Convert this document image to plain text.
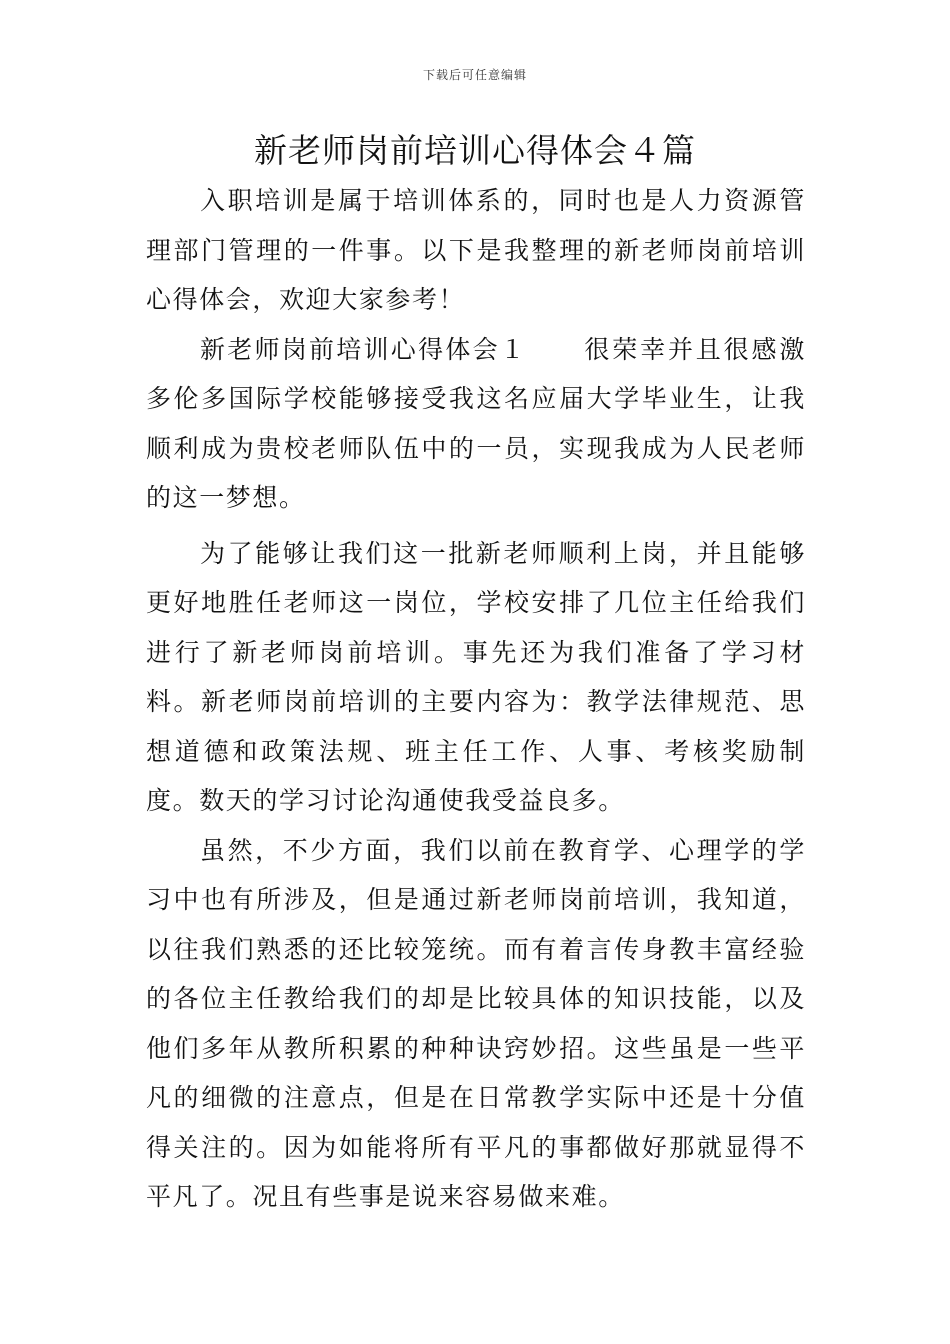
下载后可任意编辑
新老师岗前培训心得体会４篇

入职培训是属于培训体系的，同时也是人力资源管理部门管理的一件事。以下是我整理的新老师岗前培训心得体会，欢迎大家参考！

新老师岗前培训心得体会１ 很荣幸并且很感激多伦多国际学校能够接受我这名应届大学毕业生，让我顺利成为贵校老师队伍中的一员，实现我成为人民老师的这一梦想。

为了能够让我们这一批新老师顺利上岗，并且能够更好地胜任老师这一岗位，学校安排了几位主任给我们进行了新老师岗前培训。事先还为我们准备了学习材料。新老师岗前培训的主要内容为：教学法律规范、思想道德和政策法规、班主任工作、人事、考核奖励制度。数天的学习讨论沟通使我受益良多。

虽然，不少方面，我们以前在教育学、心理学的学习中也有所涉及，但是通过新老师岗前培训，我知道，以往我们熟悉的还比较笼统。而有着言传身教丰富经验的各位主任教给我们的却是比较具体的知识技能，以及他们多年从教所积累的种种诀窍妙招。这些虽是一些平凡的细微的注意点，但是在日常教学实际中还是十分值得关注的。因为如能将所有平凡的事都做好那就显得不平凡了。况且有些事是说来容易做来难。
